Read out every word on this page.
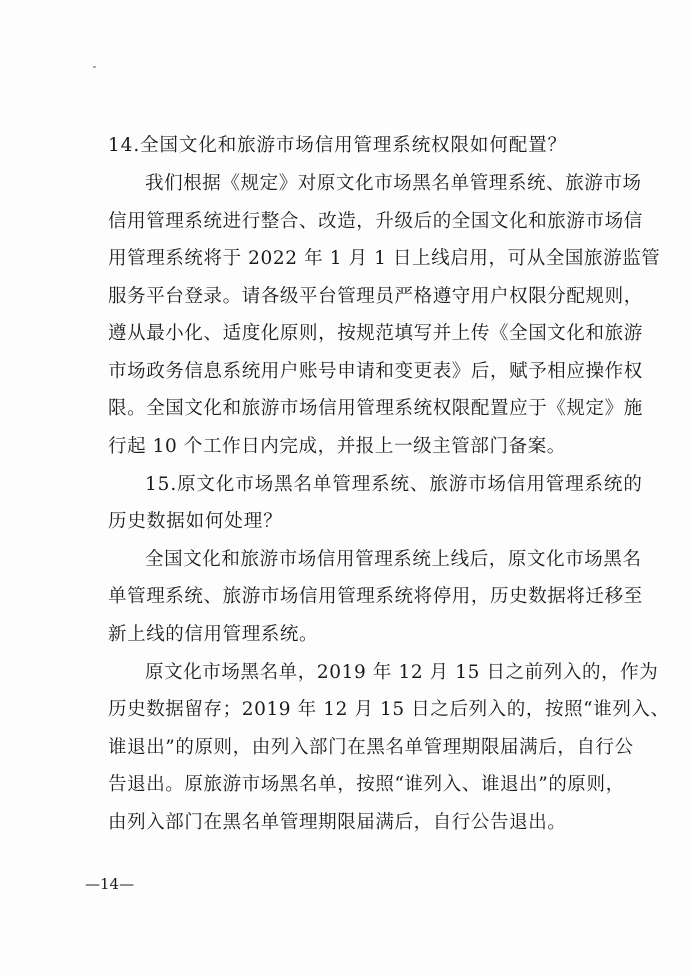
14.全国文化和旅游市场信用管理系统权限如何配置？
我们根据《规定》对原文化市场黑名单管理系统、旅游市场
信用管理系统进行整合、改造，升级后的全国文化和旅游市场信
用管理系统将于 2022 年 1 月 1 日上线启用，可从全国旅游监管
服务平台登录。请各级平台管理员严格遵守用户权限分配规则，
遵从最小化、适度化原则，按规范填写并上传《全国文化和旅游
市场政务信息系统用户账号申请和变更表》后，赋予相应操作权
限。全国文化和旅游市场信用管理系统权限配置应于《规定》施
行起 10 个工作日内完成，并报上一级主管部门备案。
15.原文化市场黑名单管理系统、旅游市场信用管理系统的
历史数据如何处理？
全国文化和旅游市场信用管理系统上线后，原文化市场黑名
单管理系统、旅游市场信用管理系统将停用，历史数据将迁移至
新上线的信用管理系统。
原文化市场黑名单，2019 年 12 月 15 日之前列入的，作为
历史数据留存；2019 年 12 月 15 日之后列入的，按照“谁列入、
谁退出”的原则，由列入部门在黑名单管理期限届满后，自行公
告退出。原旅游市场黑名单，按照“谁列入、谁退出”的原则，
由列入部门在黑名单管理期限届满后，自行公告退出。
—14—
